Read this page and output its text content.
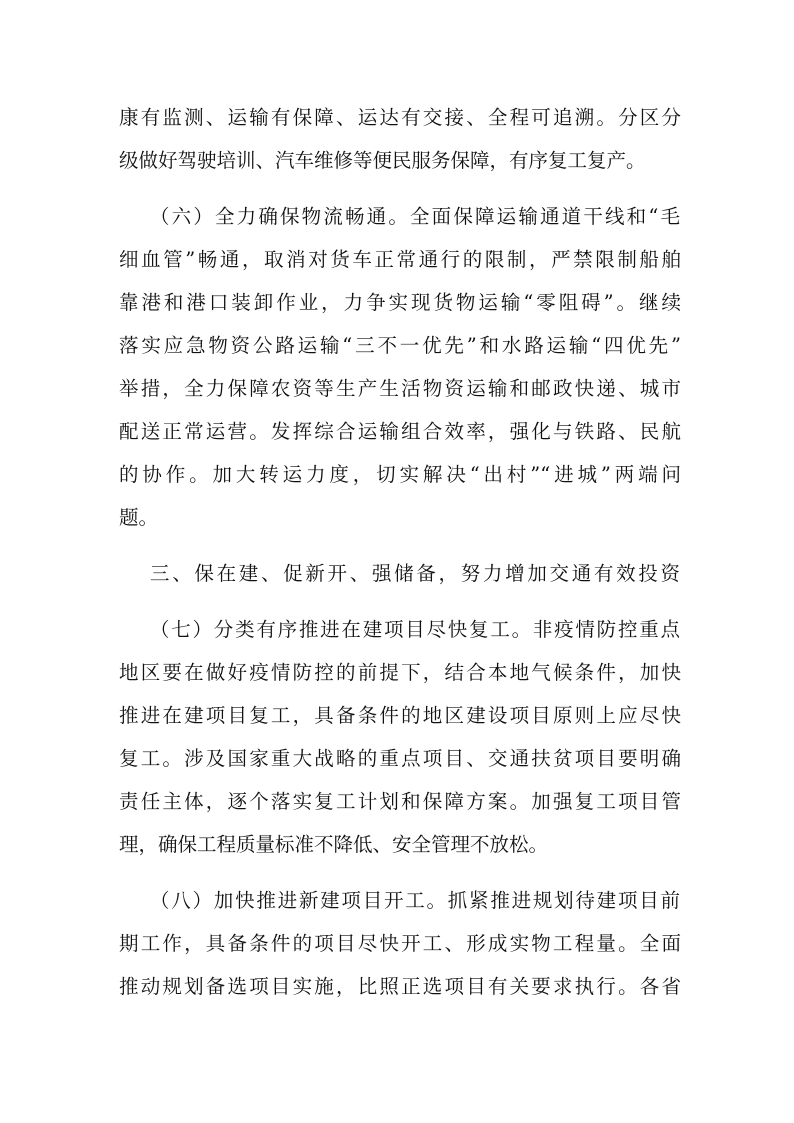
康有监测、运输有保障、运达有交接、全程可追溯。分区分
级做好驾驶培训、汽车维修等便民服务保障，有序复工复产。
（六）全力确保物流畅通。全面保障运输通道干线和“毛
细血管”畅通，取消对货车正常通行的限制，严禁限制船舶
靠港和港口装卸作业，力争实现货物运输“零阻碍”。继续
落实应急物资公路运输“三不一优先”和水路运输“四优先”
举措，全力保障农资等生产生活物资运输和邮政快递、城市
配送正常运营。发挥综合运输组合效率，强化与铁路、民航
的协作。加大转运力度，切实解决“出村”“进城”两端问
题。
三、保在建、促新开、强储备，努力增加交通有效投资
（七）分类有序推进在建项目尽快复工。非疫情防控重点
地区要在做好疫情防控的前提下，结合本地气候条件，加快
推进在建项目复工，具备条件的地区建设项目原则上应尽快
复工。涉及国家重大战略的重点项目、交通扶贫项目要明确
责任主体，逐个落实复工计划和保障方案。加强复工项目管
理，确保工程质量标准不降低、安全管理不放松。
（八）加快推进新建项目开工。抓紧推进规划待建项目前
期工作，具备条件的项目尽快开工、形成实物工程量。全面
推动规划备选项目实施，比照正选项目有关要求执行。各省
